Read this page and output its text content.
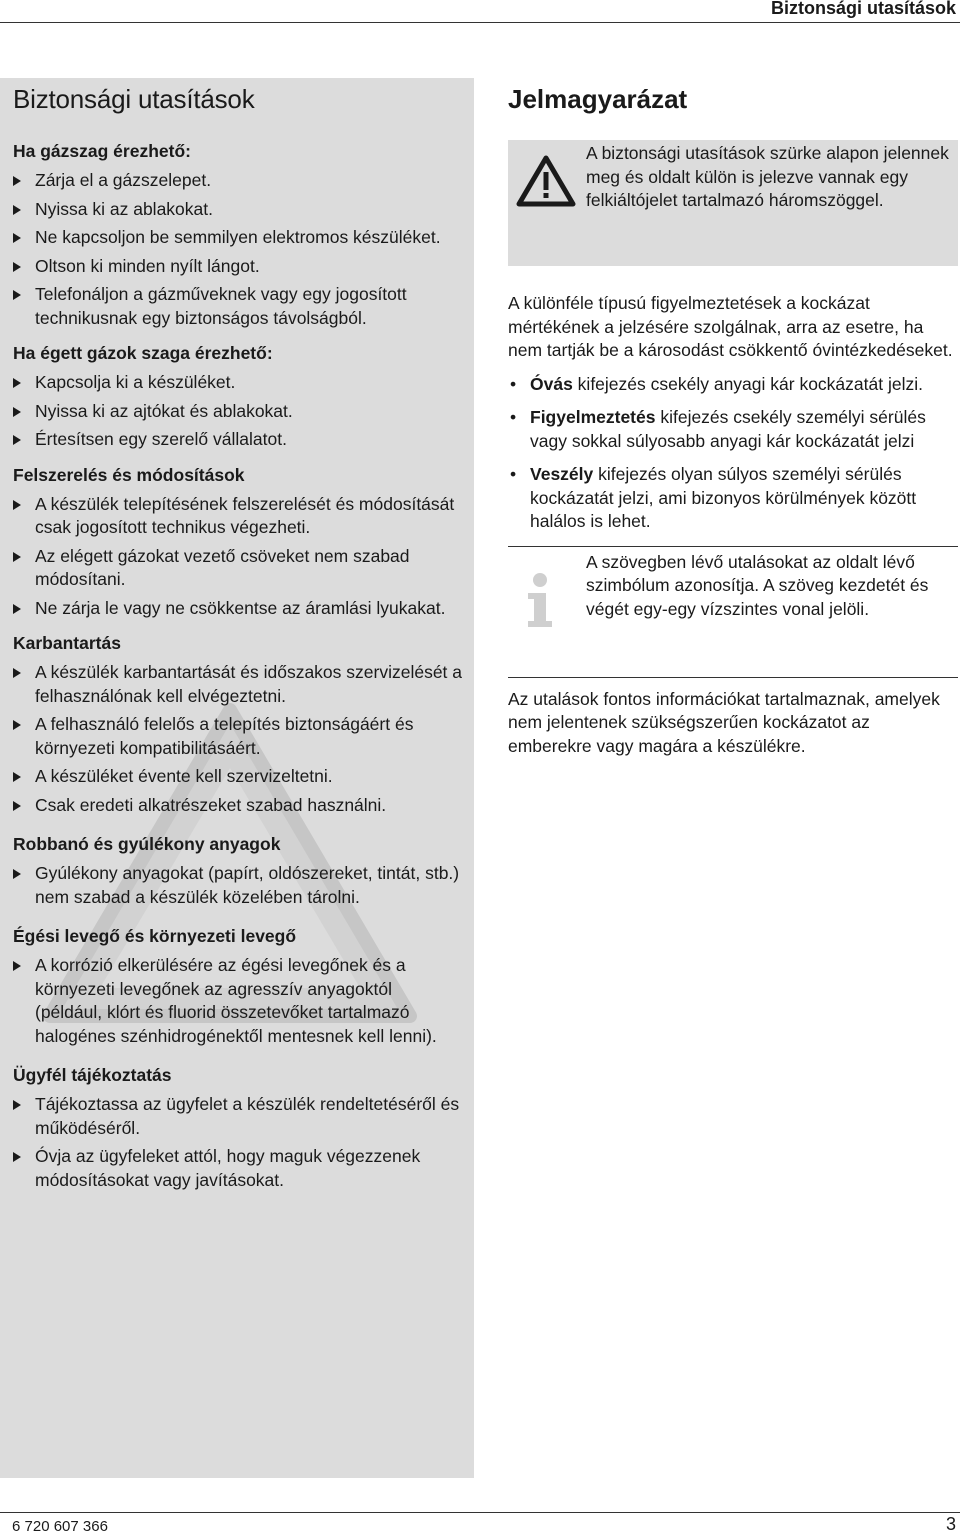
Biztonsági utasítások
Biztonsági utasítások
Ha gázszag érezhető:
Zárja el a gázszelepet.
Nyissa ki az ablakokat.
Ne kapcsoljon be semmilyen elektromos készüléket.
Oltson ki minden nyílt lángot.
Telefonáljon a gázműveknek vagy egy jogosított technikusnak egy biztonságos távolságból.
Ha égett gázok szaga érezhető:
Kapcsolja ki a készüléket.
Nyissa ki az ajtókat és ablakokat.
Értesítsen egy szerelő vállalatot.
Felszerelés és módosítások
A készülék telepítésének felszerelését és módosítását csak jogosított technikus végezheti.
Az elégett gázokat vezető csöveket nem szabad módosítani.
Ne zárja le vagy ne csökkentse az áramlási lyukakat.
Karbantartás
A készülék karbantartását és időszakos szervizelését a felhasználónak kell elvégeztetni.
A felhasználó felelős a telepítés biztonságáért és környezeti kompatibilitásáért.
A készüléket évente kell szervizeltetni.
Csak eredeti alkatrészeket szabad használni.
Robbanó és gyúlékony anyagok
Gyúlékony anyagokat (papírt, oldószereket, tintát, stb.) nem szabad a készülék közelében tárolni.
Égési levegő és környezeti levegő
A korrózió elkerülésére az égési levegőnek és a környezeti levegőnek az agresszív anyagoktól (például, klórt és fluorid összetevőket tartalmazó halogénes szénhidrogénektől mentesnek kell lenni).
Ügyfél tájékoztatás
Tájékoztassa az ügyfelet a készülék rendeltetéséről és működéséről.
Óvja az ügyfeleket attól, hogy maguk végezzenek módosításokat vagy javításokat.
Jelmagyarázat
A biztonsági utasítások szürke alapon jelennek meg és oldalt külön is jelezve vannak egy felkiáltójelet tartalmazó háromszöggel.

A különféle típusú figyelmeztetések a kockázat mértékének a jelzésére szolgálnak, arra az esetre, ha nem tartják be a károsodást csökkentő óvintézkedéseket.

• Óvás kifejezés csekély anyagi kár kockázatát jelzi.
• Figyelmeztetés kifejezés csekély személyi sérülés vagy sokkal súlyosabb anyagi kár kockázatát jelzi
• Veszély kifejezés olyan súlyos személyi sérülés kockázatát jelzi, ami bizonyos körülmények között halálos is lehet.
A szövegben lévő utalásokat az oldalt lévő szimbólum azonosítja. A szöveg kezdetét és végét egy-egy vízszintes vonal jelöli.

Az utalások fontos információkat tartalmaznak, amelyek nem jelentenek szükségszerűen kockázatot az emberekre vagy magára a készülékre.

6 720 607 366	3
